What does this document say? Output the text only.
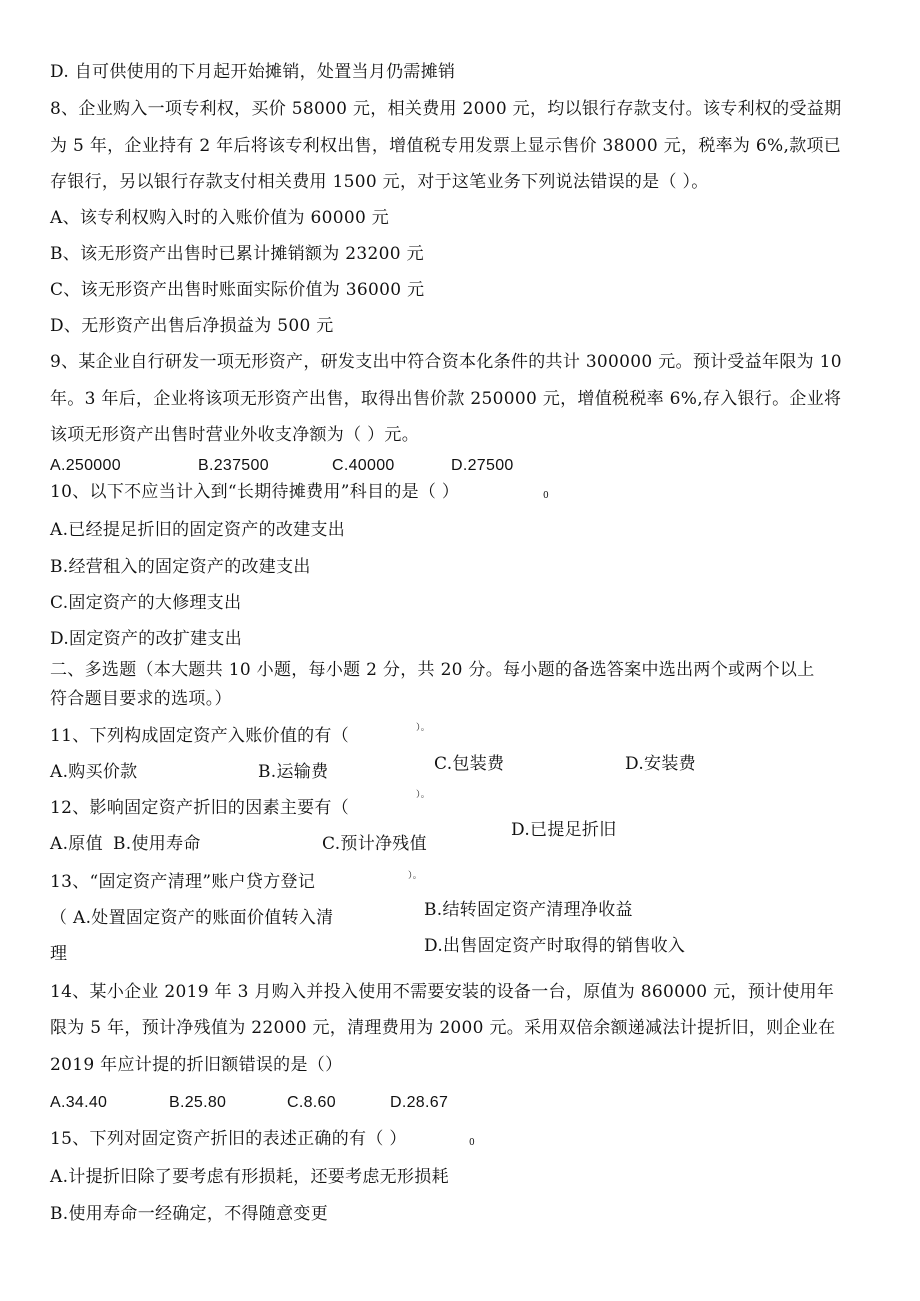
D. 自可供使用的下月起开始摊销，处置当月仍需摊销
8、企业购入一项专利权，买价 58000 元，相关费用 2000 元，均以银行存款支付。该专利权的受益期
为 5 年，企业持有 2 年后将该专利权出售，增值税专用发票上显示售价 38000 元，税率为 6%,款项已
存银行，另以银行存款支付相关费用 1500 元，对于这笔业务下列说法错误的是（ ）。
A、该专利权购入时的入账价值为 60000 元
B、该无形资产出售时已累计摊销额为 23200 元
C、该无形资产出售时账面实际价值为 36000 元
D、无形资产出售后净损益为 500 元
9、某企业自行研发一项无形资产，研发支出中符合资本化条件的共计 300000 元。预计受益年限为 10
年。3 年后，企业将该项无形资产出售，取得出售价款 250000 元，增值税税率 6%,存入银行。企业将
该项无形资产出售时营业外收支净额为（ ）元。
A.250000	B.237500	C.40000	D.27500
10、以下不应当计入到“长期待摊费用”科目的是（ ）	0
A.已经提足折旧的固定资产的改建支出
B.经营租入的固定资产的改建支出
C.固定资产的大修理支出
D.固定资产的改扩建支出
二、多选题（本大题共 10 小题，每小题 2 分，共 20 分。每小题的备选答案中选出两个或两个以上
符合题目要求的选项。）
11、下列构成固定资产入账价值的有（	）。
A.购买价款	B.运输费	C.包装费	D.安装费
12、影响固定资产折旧的因素主要有（
）。
A.原值 B.使用寿命	C.预计净残值
D.已提足折旧
13、“固定资产清理”账户贷方登记	）。
（ A.处置固定资产的账面价值转入清
理
B.结转固定资产清理净收益
D.出售固定资产时取得的销售收入
14、某小企业 2019 年 3 月购入并投入使用不需要安装的设备一台，原值为 860000 元，预计使用年
限为 5 年，预计净残值为 22000 元，清理费用为 2000 元。采用双倍余额递减法计提折旧，则企业在
2019 年应计提的折旧额错误的是（）
A.34.40	B.25.80	C.8.60	D.28.67
15、下列对固定资产折旧的表述正确的有（ ）	0
A.计提折旧除了要考虑有形损耗，还要考虑无形损耗
B.使用寿命一经确定，不得随意变更
